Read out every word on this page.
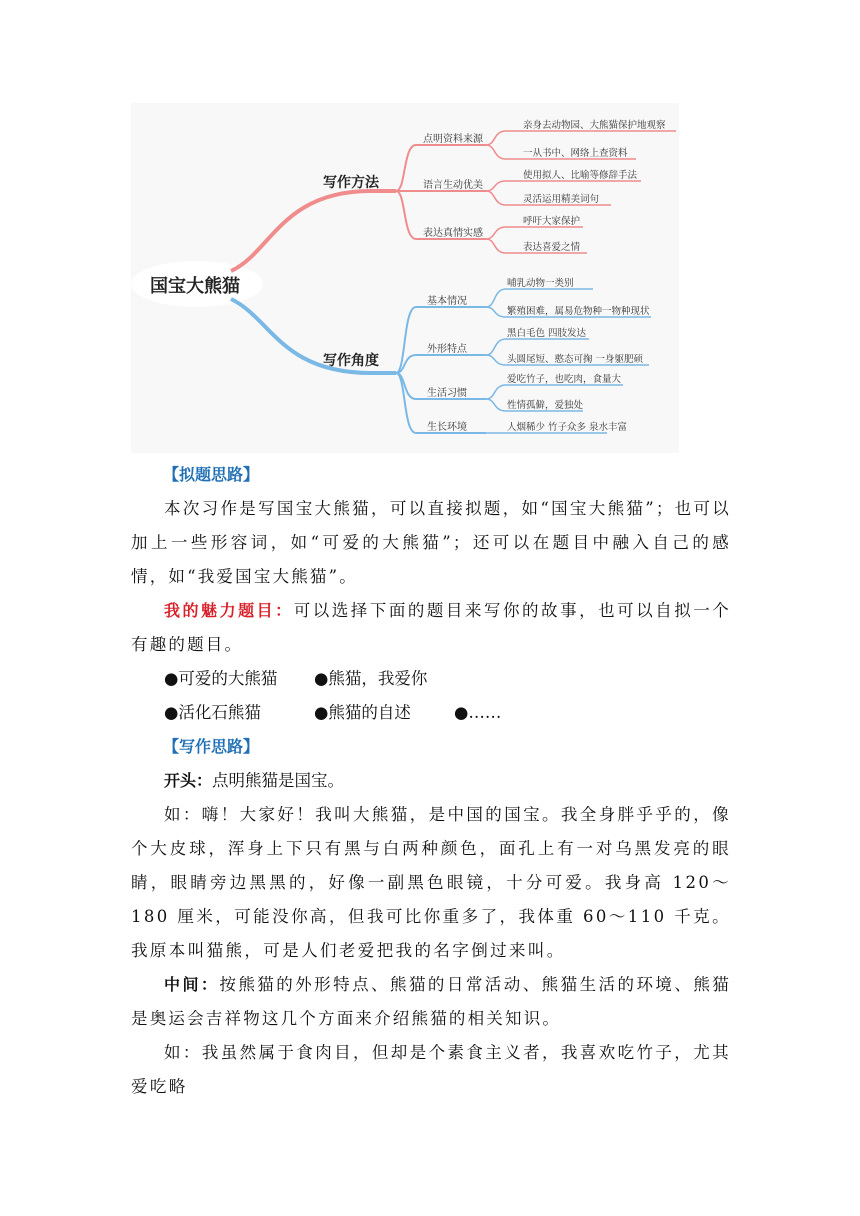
国宝大熊猫
写作方法
点明资料来源
语言生动优美
表达真情实感
亲身去动物园、大熊猫保护地观察
一从书中、网络上查资料
使用拟人、比喻等修辞手法
灵活运用精美词句
呼吁大家保护
表达喜爱之情
写作角度
基本情况
外形特点
生活习惯
生长环境
哺乳动物一类别
繁殖困难，属易危物种一物种现状
黑白毛色 四肢发达
头圆尾短、憨态可掬 一身躯肥硕
爱吃竹子，也吃肉，食量大
性情孤僻，爱独处
人烟稀少 竹子众多 泉水丰富

【拟题思路】

本次习作是写国宝大熊猫，可以直接拟题，如“国宝大熊猫”；也可以加上一些形容词，如“可爱的大熊猫”；还可以在题目中融入自己的感情，如“我爱国宝大熊猫”。

我的魅力题目：可以选择下面的题目来写你的故事，也可以自拟一个有趣的题目。

●可爱的大熊猫 ●熊猫，我爱你

●活化石熊猫	●熊猫的自述	●……

【写作思路】

开头：点明熊猫是国宝。

如：嗨！大家好！我叫大熊猫，是中国的国宝。我全身胖乎乎的，像个大皮球，浑身上下只有黑与白两种颜色，面孔上有一对乌黑发亮的眼睛，眼睛旁边黑黑的，好像一副黑色眼镜，十分可爱。我身高 120～180 厘米，可能没你高，但我可比你重多了，我体重 60～110 千克。我原本叫猫熊，可是人们老爱把我的名字倒过来叫。

中间：按熊猫的外形特点、熊猫的日常活动、熊猫生活的环境、熊猫是奥运会吉祥物这几个方面来介绍熊猫的相关知识。

如：我虽然属于食肉目，但却是个素食主义者，我喜欢吃竹子，尤其爱吃略
